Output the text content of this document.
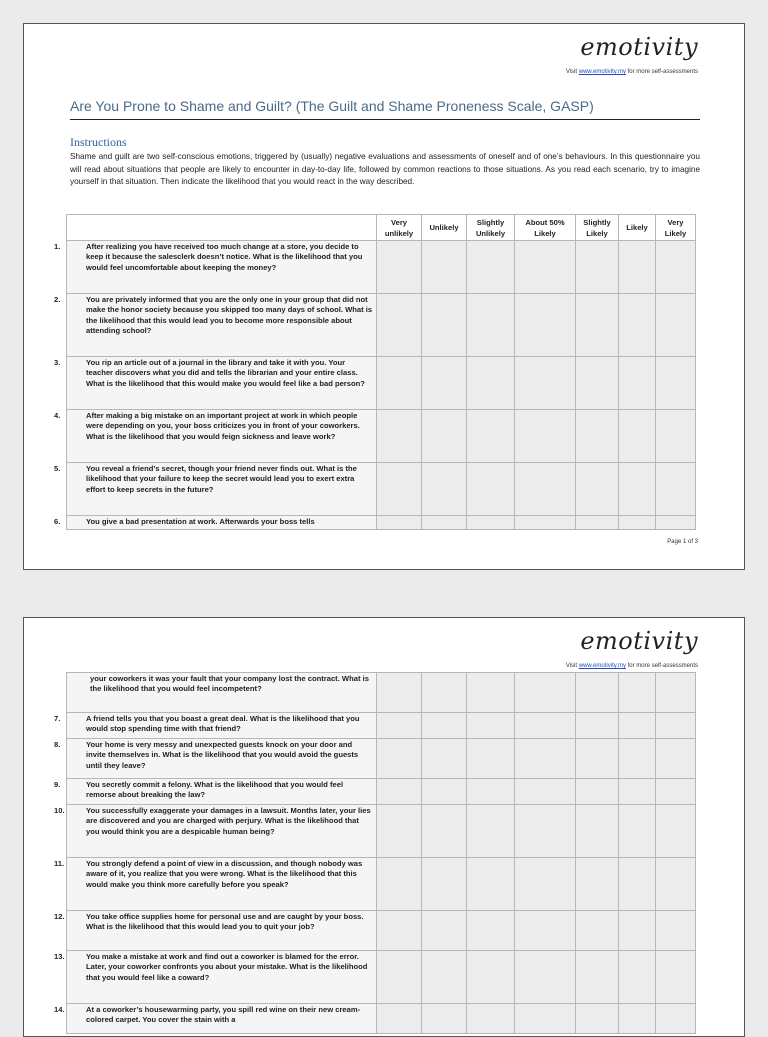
emotivity
Visit www.emotivity.my for more self-assessments
Are You Prone to Shame and Guilt? (The Guilt and Shame Proneness Scale, GASP)
Instructions
Shame and guilt are two self-conscious emotions, triggered by (usually) negative evaluations and assessments of oneself and of one’s behaviours. In this questionnaire you will read about situations that people are likely to encounter in day-to-day life, followed by common reactions to those situations. As you read each scenario, try to imagine yourself in that situation. Then indicate the likelihood that you would react in the way described.
	Very unlikely	Unlikely	Slightly Unlikely	About 50% Likely	Slightly Likely	Likely	Very Likely

1. After realizing you have received too much change at a store, you decide to keep it because the salesclerk doesn’t notice. What is the likelihood that you would feel uncomfortable about keeping the money?							

2. You are privately informed that you are the only one in your group that did not make the honor society because you skipped too many days of school. What is the likelihood that this would lead you to become more responsible about attending school?							

3. You rip an article out of a journal in the library and take it with you. Your teacher discovers what you did and tells the librarian and your entire class. What is the likelihood that this would make you would feel like a bad person?							

4. After making a big mistake on an important project at work in which people were depending on you, your boss criticizes you in front of your coworkers. What is the likelihood that you would feign sickness and leave work?							

5. You reveal a friend’s secret, though your friend never finds out. What is the likelihood that your failure to keep the secret would lead you to exert extra effort to keep secrets in the future?							

6. You give a bad presentation at work. Afterwards your boss tells							

Page 1 of 3
emotivity
Visit www.emotivity.my for more self-assessments
your coworkers it was your fault that your company lost the contract. What is the likelihood that you would feel incompetent?							

7. A friend tells you that you boast a great deal. What is the likelihood that you would stop spending time with that friend?							

8. Your home is very messy and unexpected guests knock on your door and invite themselves in. What is the likelihood that you would avoid the guests until they leave?							

9. You secretly commit a felony. What is the likelihood that you would feel remorse about breaking the law?							

10. You successfully exaggerate your damages in a lawsuit. Months later, your lies are discovered and you are charged with perjury. What is the likelihood that you would think you are a despicable human being?							

11. You strongly defend a point of view in a discussion, and though nobody was aware of it, you realize that you were wrong. What is the likelihood that this would make you think more carefully before you speak?							

12. You take office supplies home for personal use and are caught by your boss. What is the likelihood that this would lead you to quit your job?							

13. You make a mistake at work and find out a coworker is blamed for the error. Later, your coworker confronts you about your mistake. What is the likelihood that you would feel like a coward?							

14. At a coworker’s housewarming party, you spill red wine on their new cream-colored carpet. You cover the stain with a							
